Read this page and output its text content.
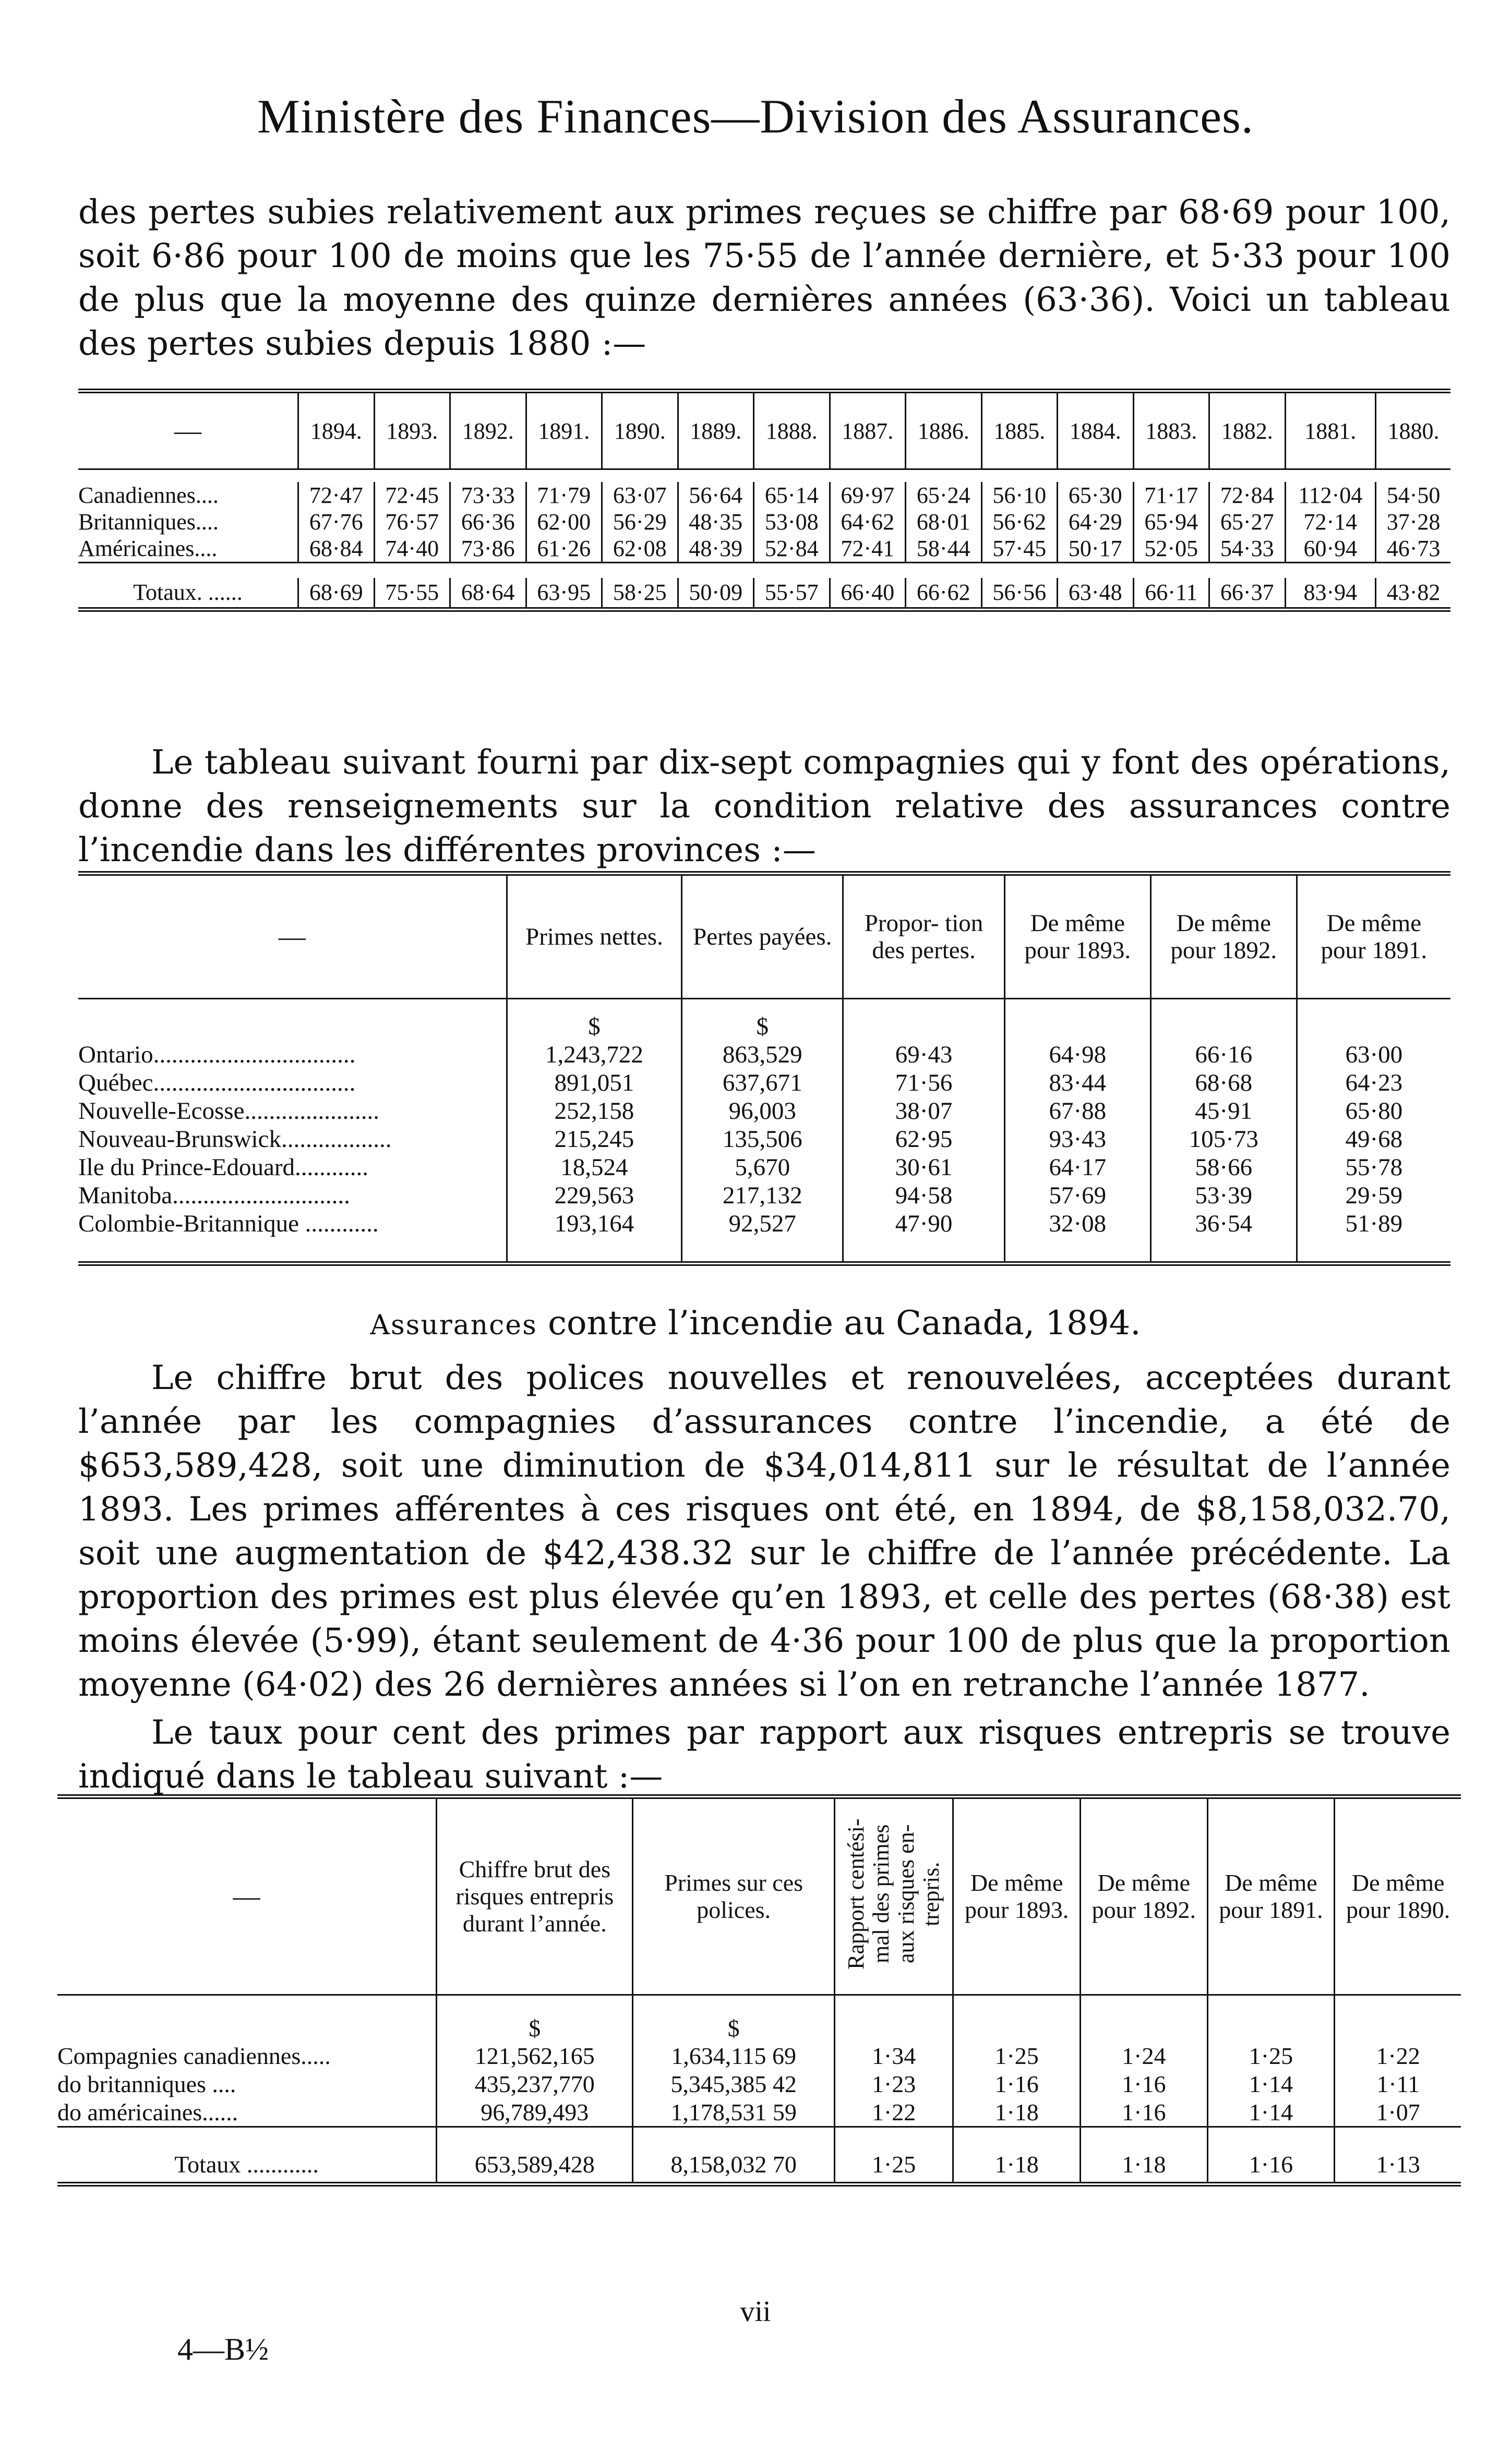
Ministère des Finances—Division des Assurances.
des pertes subies relativement aux primes reçues se chiffre par 68·69 pour 100, soit 6·86 pour 100 de moins que les 75·55 de l’année dernière, et 5·33 pour 100 de plus que la moyenne des quinze dernières années (63·36). Voici un tableau des pertes subies depuis 1880 :—
—	1894.	1893.	1892.	1891.	1890.	1889.	1888.	1887.	1886.	1885.	1884.	1883.	1882.	1881.	1880.

Canadiennes....	72·47	72·45	73·33	71·79	63·07	56·64	65·14	69·97	65·24	56·10	65·30	71·17	72·84	112·04	54·50
Britanniques....	67·76	76·57	66·36	62·00	56·29	48·35	53·08	64·62	68·01	56·62	64·29	65·94	65·27	72·14	37·28
Américaines....	68·84	74·40	73·86	61·26	62·08	48·39	52·84	72·41	58·44	57·45	50·17	52·05	54·33	60·94	46·73

Totaux. ......	68·69	75·55	68·64	63·95	58·25	50·09	55·57	66·40	66·62	56·56	63·48	66·11	66·37	83·94	43·82
Le tableau suivant fourni par dix-sept compagnies qui y font des opérations, donne des renseignements sur la condition relative des assurances contre l’incendie dans les différentes provinces :—
—	Primes nettes.	Pertes payées.	Propor- tion des pertes.	De même pour 1893.	De même pour 1892.	De même pour 1891.
	$	$				
Ontario.................................	1,243,722	863,529	69·43	64·98	66·16	63·00
Québec.................................	891,051	637,671	71·56	83·44	68·68	64·23
Nouvelle-Ecosse......................	252,158	96,003	38·07	67·88	45·91	65·80
Nouveau-Brunswick..................	215,245	135,506	62·95	93·43	105·73	49·68
Ile du Prince-Edouard............	18,524	5,670	30·61	64·17	58·66	55·78
Manitoba.............................	229,563	217,132	94·58	57·69	53·39	29·59
Colombie-Britannique ............	193,164	92,527	47·90	32·08	36·54	51·89

Assurances contre l’incendie au Canada, 1894.
Le chiffre brut des polices nouvelles et renouvelées, acceptées durant l’année par les compagnies d’assurances contre l’incendie, a été de $653,589,428, soit une diminution de $34,014,811 sur le résultat de l’année 1893. Les primes afférentes à ces risques ont été, en 1894, de $8,158,032.70, soit une augmentation de $42,438.32 sur le chiffre de l’année précédente. La proportion des primes est plus élevée qu’en 1893, et celle des pertes (68·38) est moins élevée (5·99), étant seulement de 4·36 pour 100 de plus que la proportion moyenne (64·02) des 26 dernières années si l’on en retranche l’année 1877.
Le taux pour cent des primes par rapport aux risques entrepris se trouve indiqué dans le tableau suivant :—
—	Chiffre brut des risques entrepris durant l’année.	Primes sur ces polices.	Rapport centési- mal des primes aux risques en- trepris.	De même pour 1893.	De même pour 1892.	De même pour 1891.	De même pour 1890.
	$	$					
Compagnies canadiennes.....	121,562,165	1,634,115 69	1·34	1·25	1·24	1·25	1·22
do britanniques ....	435,237,770	5,345,385 42	1·23	1·16	1·16	1·14	1·11
do américaines......	96,789,493	1,178,531 59	1·22	1·18	1·16	1·14	1·07

Totaux ............	653,589,428	8,158,032 70	1·25	1·18	1·18	1·16	1·13
vii
4—B½
